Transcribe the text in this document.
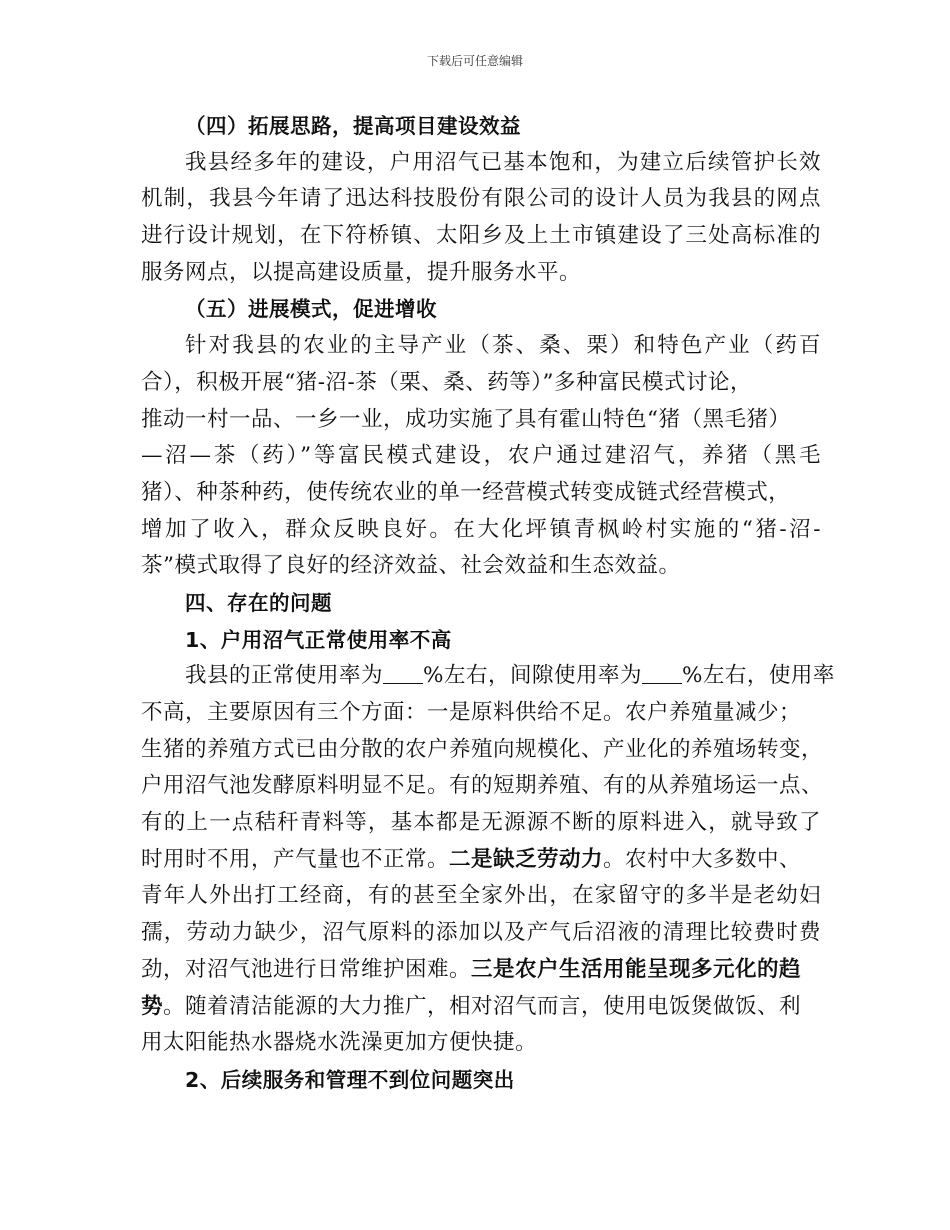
下载后可任意编辑
（四）拓展思路，提高项目建设效益
我县经多年的建设，户用沼气已基本饱和，为建立后续管护长效
机制，我县今年请了迅达科技股份有限公司的设计人员为我县的网点
进行设计规划，在下符桥镇、太阳乡及上土市镇建设了三处高标准的
服务网点，以提高建设质量，提升服务水平。
（五）进展模式，促进增收
针对我县的农业的主导产业（茶、桑、栗）和特色产业（药百
合），积极开展“猪-沼-茶（栗、桑、药等）”多种富民模式讨论，
推动一村一品、一乡一业，成功实施了具有霍山特色“猪（黑毛猪）
—沼—茶（药）”等富民模式建设，农户通过建沼气，养猪（黑毛
猪）、种茶种药，使传统农业的单一经营模式转变成链式经营模式，
增加了收入，群众反映良好。在大化坪镇青枫岭村实施的“猪-沼-
茶”模式取得了良好的经济效益、社会效益和生态效益。
四、存在的问题
1、户用沼气正常使用率不高
我县的正常使用率为 %左右，间隙使用率为 %左右，使用率
不高，主要原因有三个方面：一是原料供给不足。农户养殖量减少；
生猪的养殖方式已由分散的农户养殖向规模化、产业化的养殖场转变，
户用沼气池发酵原料明显不足。有的短期养殖、有的从养殖场运一点、
有的上一点秸秆青料等，基本都是无源源不断的原料进入，就导致了
时用时不用，产气量也不正常。二是缺乏劳动力。农村中大多数中、
青年人外出打工经商，有的甚至全家外出，在家留守的多半是老幼妇
孺，劳动力缺少，沼气原料的添加以及产气后沼液的清理比较费时费
劲，对沼气池进行日常维护困难。三是农户生活用能呈现多元化的趋
势。随着清洁能源的大力推广，相对沼气而言，使用电饭煲做饭、利
用太阳能热水器烧水洗澡更加方便快捷。
2、后续服务和管理不到位问题突出
